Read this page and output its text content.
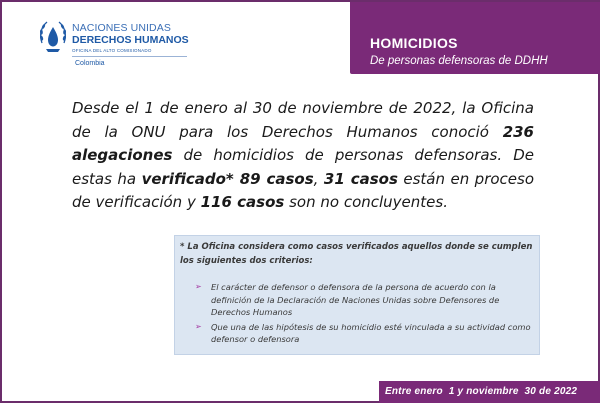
NACIONES UNIDAS
DERECHOS HUMANOS
OFICINA DEL ALTO COMISIONADO
Colombia
HOMICIDIOS
De personas defensoras de DDHH

Desde el 1 de enero al 30 de noviembre de 2022, la Oficina de la ONU para los Derechos Humanos conoció 236 alegaciones de homicidios de personas defensoras. De estas ha verificado* 89 casos, 31 casos están en proceso de verificación y 116 casos son no concluyentes.

* La Oficina considera como casos verificados aquellos donde se cumplen los siguientes dos criterios:

➢ El carácter de defensor o defensora de la persona de acuerdo con la definición de la Declaración de Naciones Unidas sobre Defensores de Derechos Humanos
➢ Que una de las hipótesis de su homicidio esté vinculada a su actividad como defensor o defensora
Entre enero  1 y noviembre  30 de 2022
